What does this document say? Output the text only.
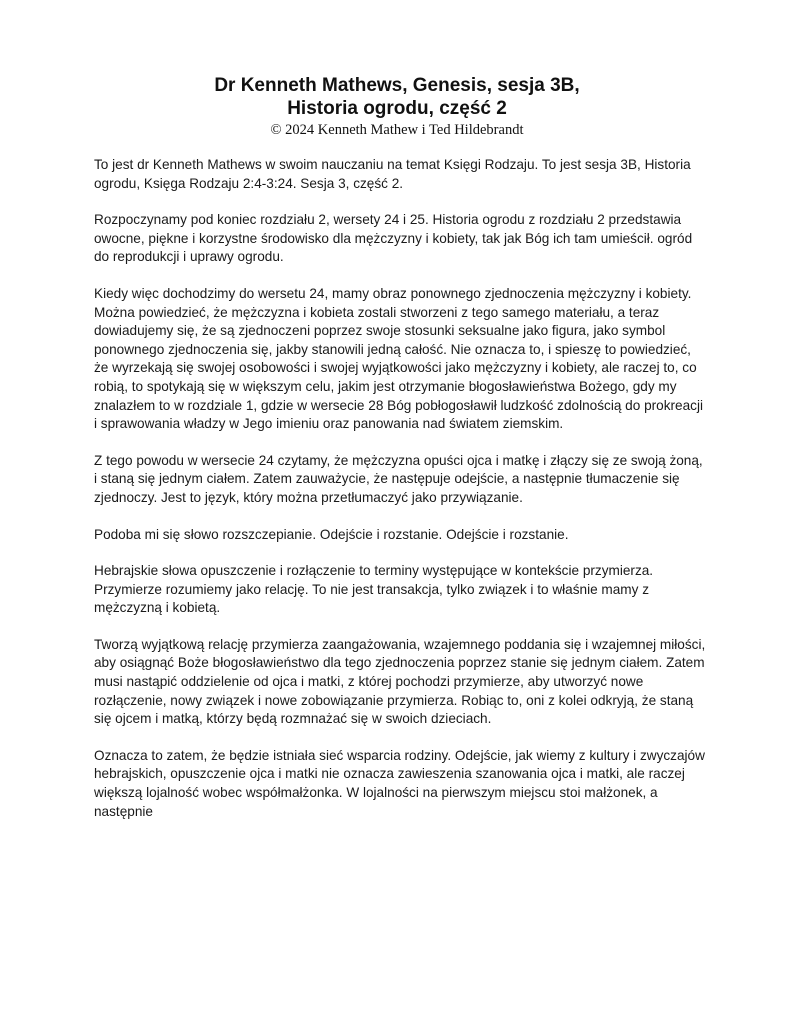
Dr Kenneth Mathews, Genesis, sesja 3B,
Historia ogrodu, część 2
© 2024 Kenneth Mathew i Ted Hildebrandt

To jest dr Kenneth Mathews w swoim nauczaniu na temat Księgi Rodzaju. To jest sesja 3B, Historia ogrodu, Księga Rodzaju 2:4-3:24. Sesja 3, część 2.

Rozpoczynamy pod koniec rozdziału 2, wersety 24 i 25. Historia ogrodu z rozdziału 2 przedstawia owocne, piękne i korzystne środowisko dla mężczyzny i kobiety, tak jak Bóg ich tam umieścił. ogród do reprodukcji i uprawy ogrodu.

Kiedy więc dochodzimy do wersetu 24, mamy obraz ponownego zjednoczenia mężczyzny i kobiety. Można powiedzieć, że mężczyzna i kobieta zostali stworzeni z tego samego materiału, a teraz dowiadujemy się, że są zjednoczeni poprzez swoje stosunki seksualne jako figura, jako symbol ponownego zjednoczenia się, jakby stanowili jedną całość. Nie oznacza to, i spieszę to powiedzieć, że wyrzekają się swojej osobowości i swojej wyjątkowości jako mężczyzny i kobiety, ale raczej to, co robią, to spotykają się w większym celu, jakim jest otrzymanie błogosławieństwa Bożego, gdy my znalazłem to w rozdziale 1, gdzie w wersecie 28 Bóg pobłogosławił ludzkość zdolnością do prokreacji i sprawowania władzy w Jego imieniu oraz panowania nad światem ziemskim.

Z tego powodu w wersecie 24 czytamy, że mężczyzna opuści ojca i matkę i złączy się ze swoją żoną, i staną się jednym ciałem. Zatem zauważycie, że następuje odejście, a następnie tłumaczenie się zjednoczy. Jest to język, który można przetłumaczyć jako przywiązanie.

Podoba mi się słowo rozszczepianie. Odejście i rozstanie. Odejście i rozstanie.

Hebrajskie słowa opuszczenie i rozłączenie to terminy występujące w kontekście przymierza. Przymierze rozumiemy jako relację. To nie jest transakcja, tylko związek i to właśnie mamy z mężczyzną i kobietą.

Tworzą wyjątkową relację przymierza zaangażowania, wzajemnego poddania się i wzajemnej miłości, aby osiągnąć Boże błogosławieństwo dla tego zjednoczenia poprzez stanie się jednym ciałem. Zatem musi nastąpić oddzielenie od ojca i matki, z której pochodzi przymierze, aby utworzyć nowe rozłączenie, nowy związek i nowe zobowiązanie przymierza. Robiąc to, oni z kolei odkryją, że staną się ojcem i matką, którzy będą rozmnażać się w swoich dzieciach.

Oznacza to zatem, że będzie istniała sieć wsparcia rodziny. Odejście, jak wiemy z kultury i zwyczajów hebrajskich, opuszczenie ojca i matki nie oznacza zawieszenia szanowania ojca i matki, ale raczej większą lojalność wobec współmałżonka. W lojalności na pierwszym miejscu stoi małżonek, a następnie
